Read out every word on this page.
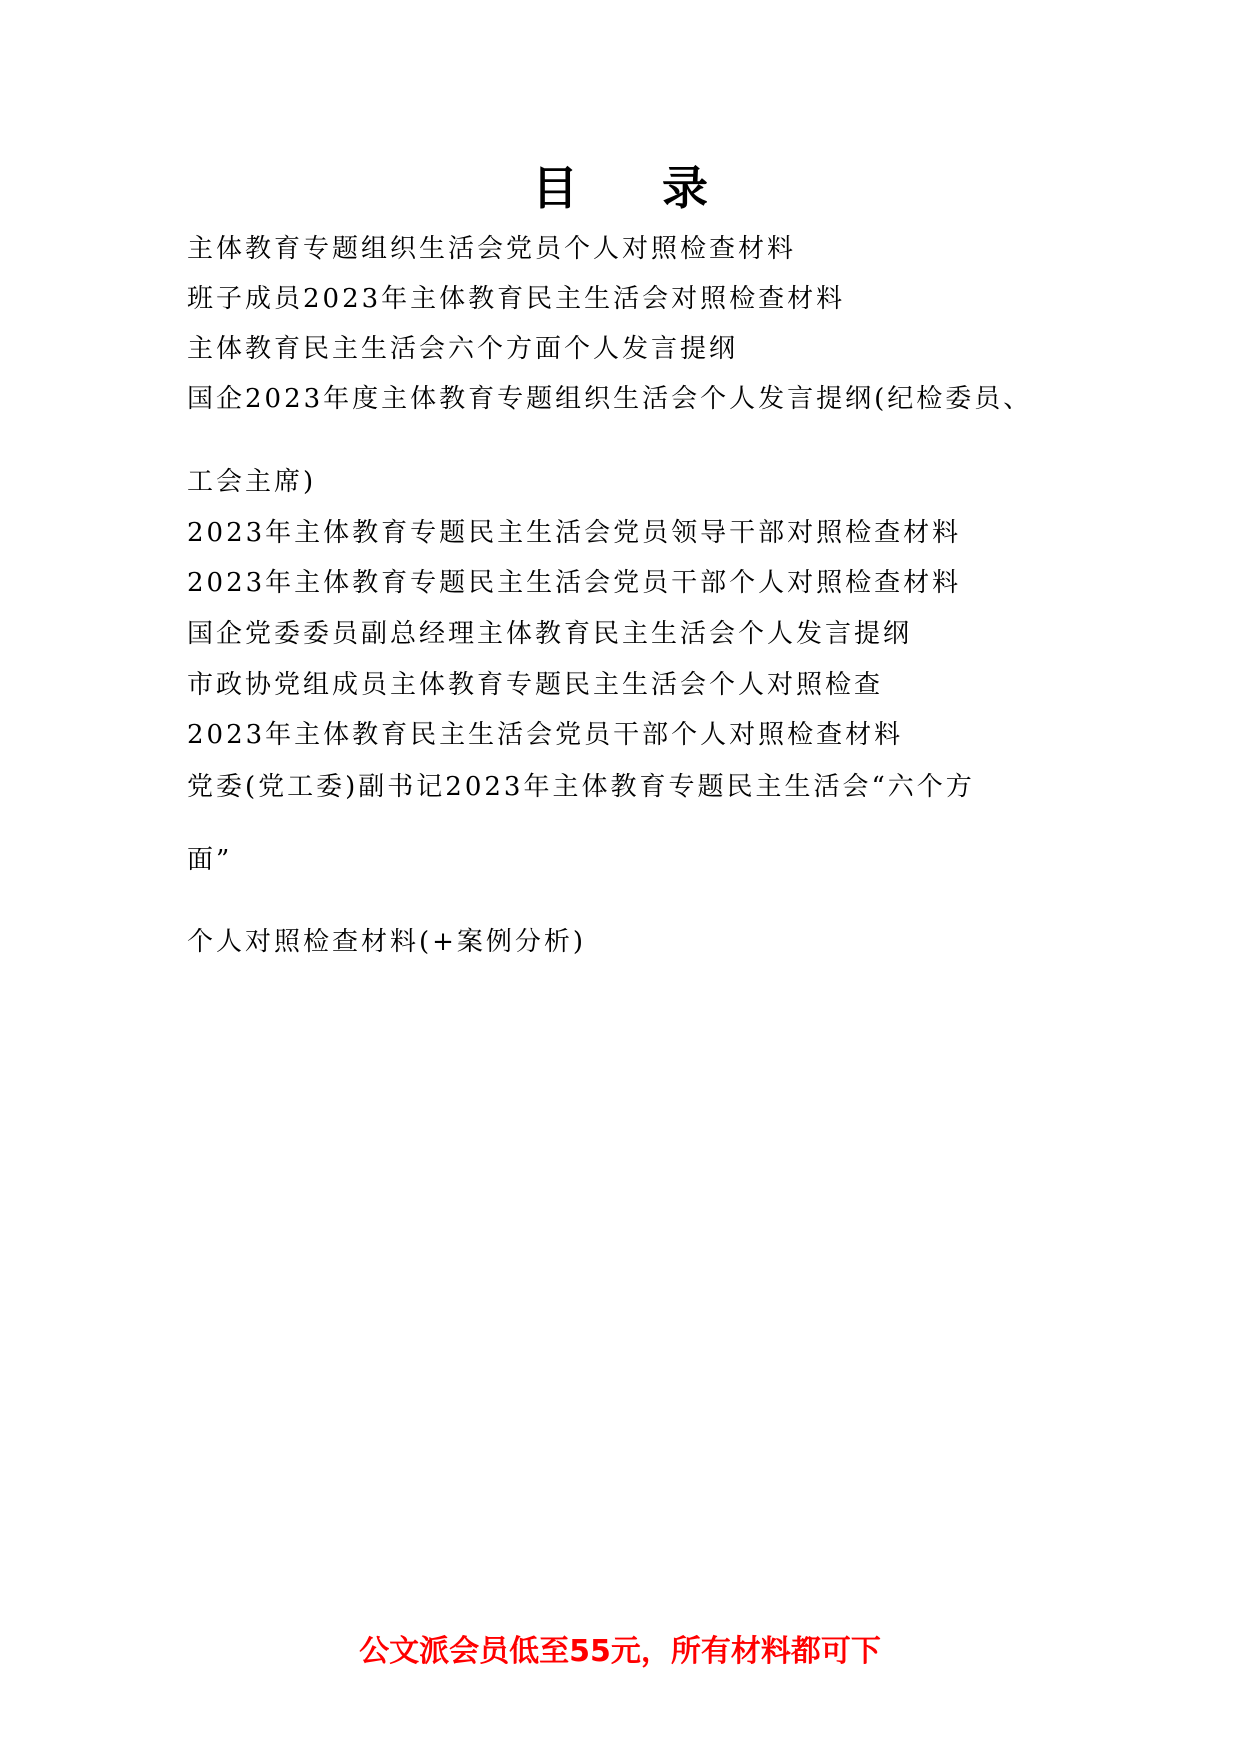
目 录
主体教育专题组织生活会党员个人对照检查材料
班子成员2023年主体教育民主生活会对照检查材料
主体教育民主生活会六个方面个人发言提纲
国企2023年度主体教育专题组织生活会个人发言提纲(纪检委员、
工会主席)
2023年主体教育专题民主生活会党员领导干部对照检查材料
2023年主体教育专题民主生活会党员干部个人对照检查材料
国企党委委员副总经理主体教育民主生活会个人发言提纲
市政协党组成员主体教育专题民主生活会个人对照检查
2023年主体教育民主生活会党员干部个人对照检查材料
党委(党工委)副书记2023年主体教育专题民主生活会“六个方
面”
个人对照检查材料(+案例分析)
公文派会员低至55元，所有材料都可下
